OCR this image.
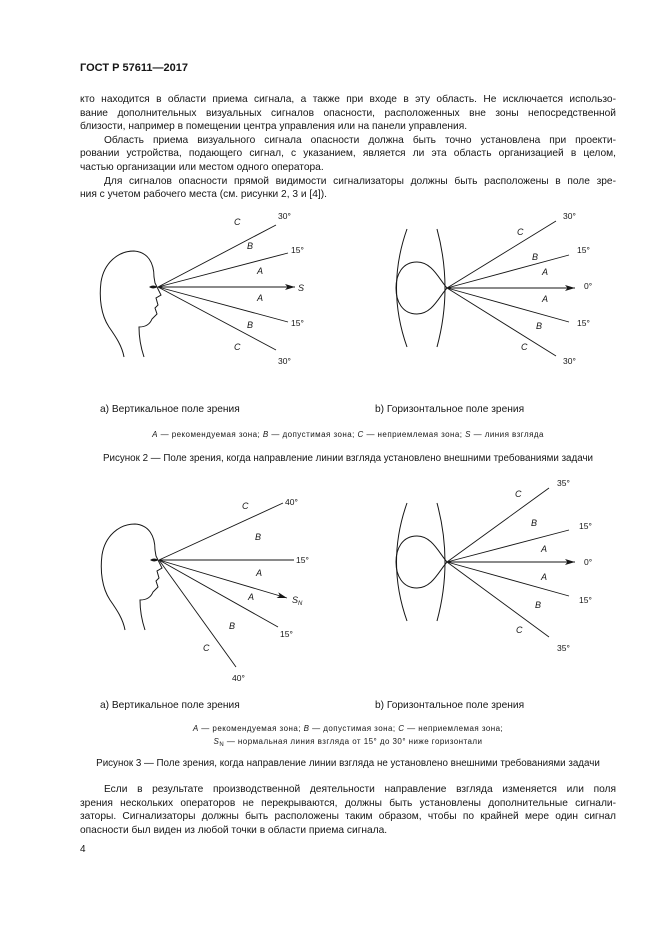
ГОСТ Р 57611—2017
кто находится в области приема сигнала, а также при входе в эту область. Не исключается использо-
вание дополнительных визуальных сигналов опасности, расположенных вне зоны непосредственной
близости, например в помещении центра управления или на панели управления.
Область приема визуального сигнала опасности должна быть точно установлена при проекти-
ровании устройства, подающего сигнал, с указанием, является ли эта область организацией в целом,
частью организации или местом одного оператора.
Для сигналов опасности прямой видимости сигнализаторы должны быть расположены в поле зре-
ния с учетом рабочего места (см. рисунки 2, 3 и [4]).
30°
15°
S
15°
30°
C
B
A
A
B
C
30°
15°
0°
15°
30°
C
B
A
A
B
C
40°
15°
$S_N$
15°
40°
C
B
A
A
B
C
35°
15°
0°
15°
35°
C
B
A
A
B
C
a) Вертикальное поле зрения	b) Горизонтальное поле зрения
A — рекомендуемая зона; B — допустимая зона; C — неприемлемая зона; S — линия взгляда
Рисунок 2 — Поле зрения, когда направление линии взгляда установлено внешними требованиями задачи
a) Вертикальное поле зрения	b) Горизонтальное поле зрения
A — рекомендуемая зона; B — допустимая зона; C — неприемлемая зона;
$S_N$ — нормальная линия взгляда от 15° до 30° ниже горизонтали
Рисунок 3 — Поле зрения, когда направление линии взгляда не установлено внешними требованиями задачи
Если в результате производственной деятельности направление взгляда изменяется или поля
зрения нескольких операторов не перекрываются, должны быть установлены дополнительные сигнали-
заторы. Сигнализаторы должны быть расположены таким образом, чтобы по крайней мере один сигнал
опасности был виден из любой точки в области приема сигнала.
4
